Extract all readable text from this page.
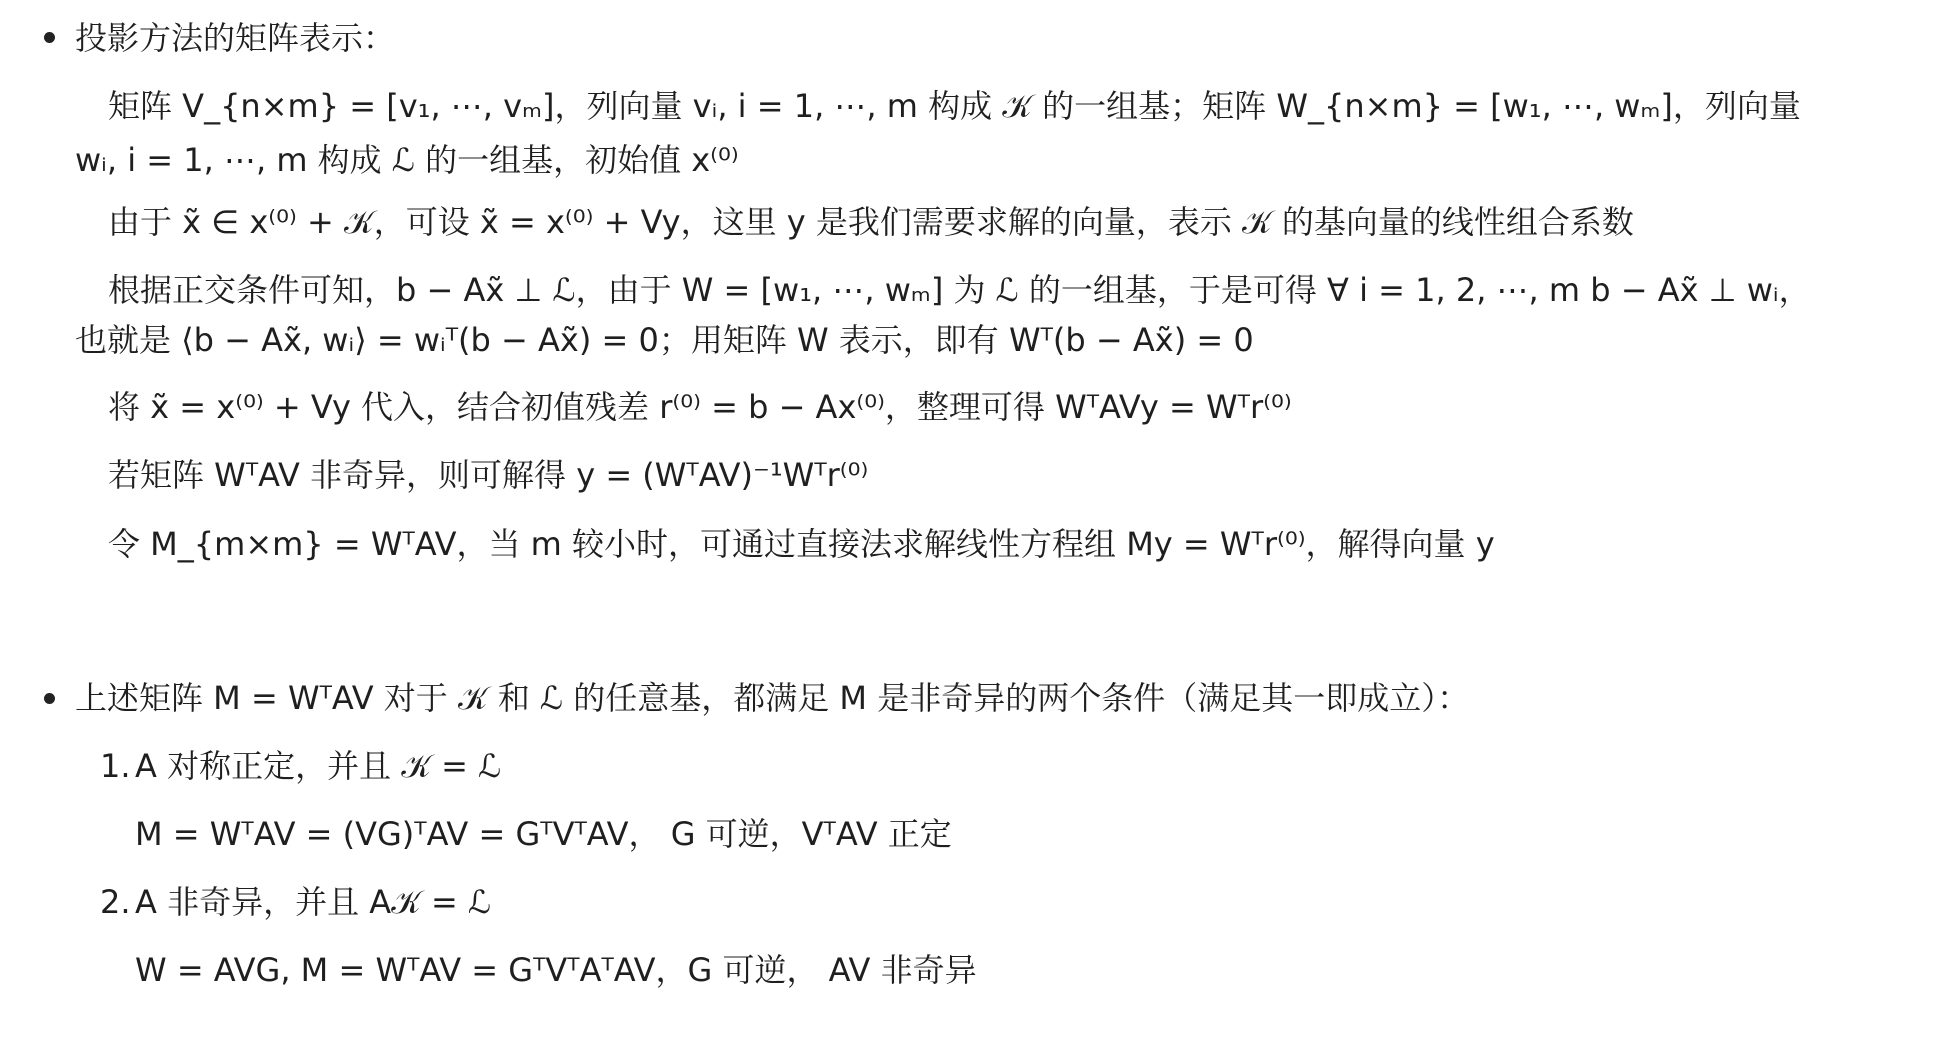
投影方法的矩阵表示：
矩阵 V_{n×m} = [v₁, ⋯, vₘ]，列向量 vᵢ, i = 1, ⋯, m 构成 𝒦 的一组基；矩阵 W_{n×m} = [w₁, ⋯, wₘ]，列向量
wᵢ, i = 1, ⋯, m 构成 ℒ 的一组基，初始值 x⁽⁰⁾
由于 x̃ ∈ x⁽⁰⁾ + 𝒦，可设 x̃ = x⁽⁰⁾ + Vy，这里 y 是我们需要求解的向量，表示 𝒦 的基向量的线性组合系数
根据正交条件可知，b − Ax̃ ⊥ ℒ，由于 W = [w₁, ⋯, wₘ] 为 ℒ 的一组基，于是可得 ∀ i = 1, 2, ⋯, m b − Ax̃ ⊥ wᵢ，
也就是 ⟨b − Ax̃, wᵢ⟩ = wᵢᵀ(b − Ax̃) = 0；用矩阵 W 表示，即有 Wᵀ(b − Ax̃) = 0
将 x̃ = x⁽⁰⁾ + Vy 代入，结合初值残差 r⁽⁰⁾ = b − Ax⁽⁰⁾，整理可得 WᵀAVy = Wᵀr⁽⁰⁾
若矩阵 WᵀAV 非奇异，则可解得 y = (WᵀAV)⁻¹Wᵀr⁽⁰⁾
令 M_{m×m} = WᵀAV，当 m 较小时，可通过直接法求解线性方程组 My = Wᵀr⁽⁰⁾，解得向量 y
上述矩阵 M = WᵀAV 对于 𝒦 和 ℒ 的任意基，都满足 M 是非奇异的两个条件（满足其一即成立）：
1. A 对称正定，并且 𝒦 = ℒ
M = WᵀAV = (VG)ᵀAV = GᵀVᵀAV， G 可逆，VᵀAV 正定
2. A 非奇异，并且 A𝒦 = ℒ
W = AVG, M = WᵀAV = GᵀVᵀAᵀAV，G 可逆， AV 非奇异
